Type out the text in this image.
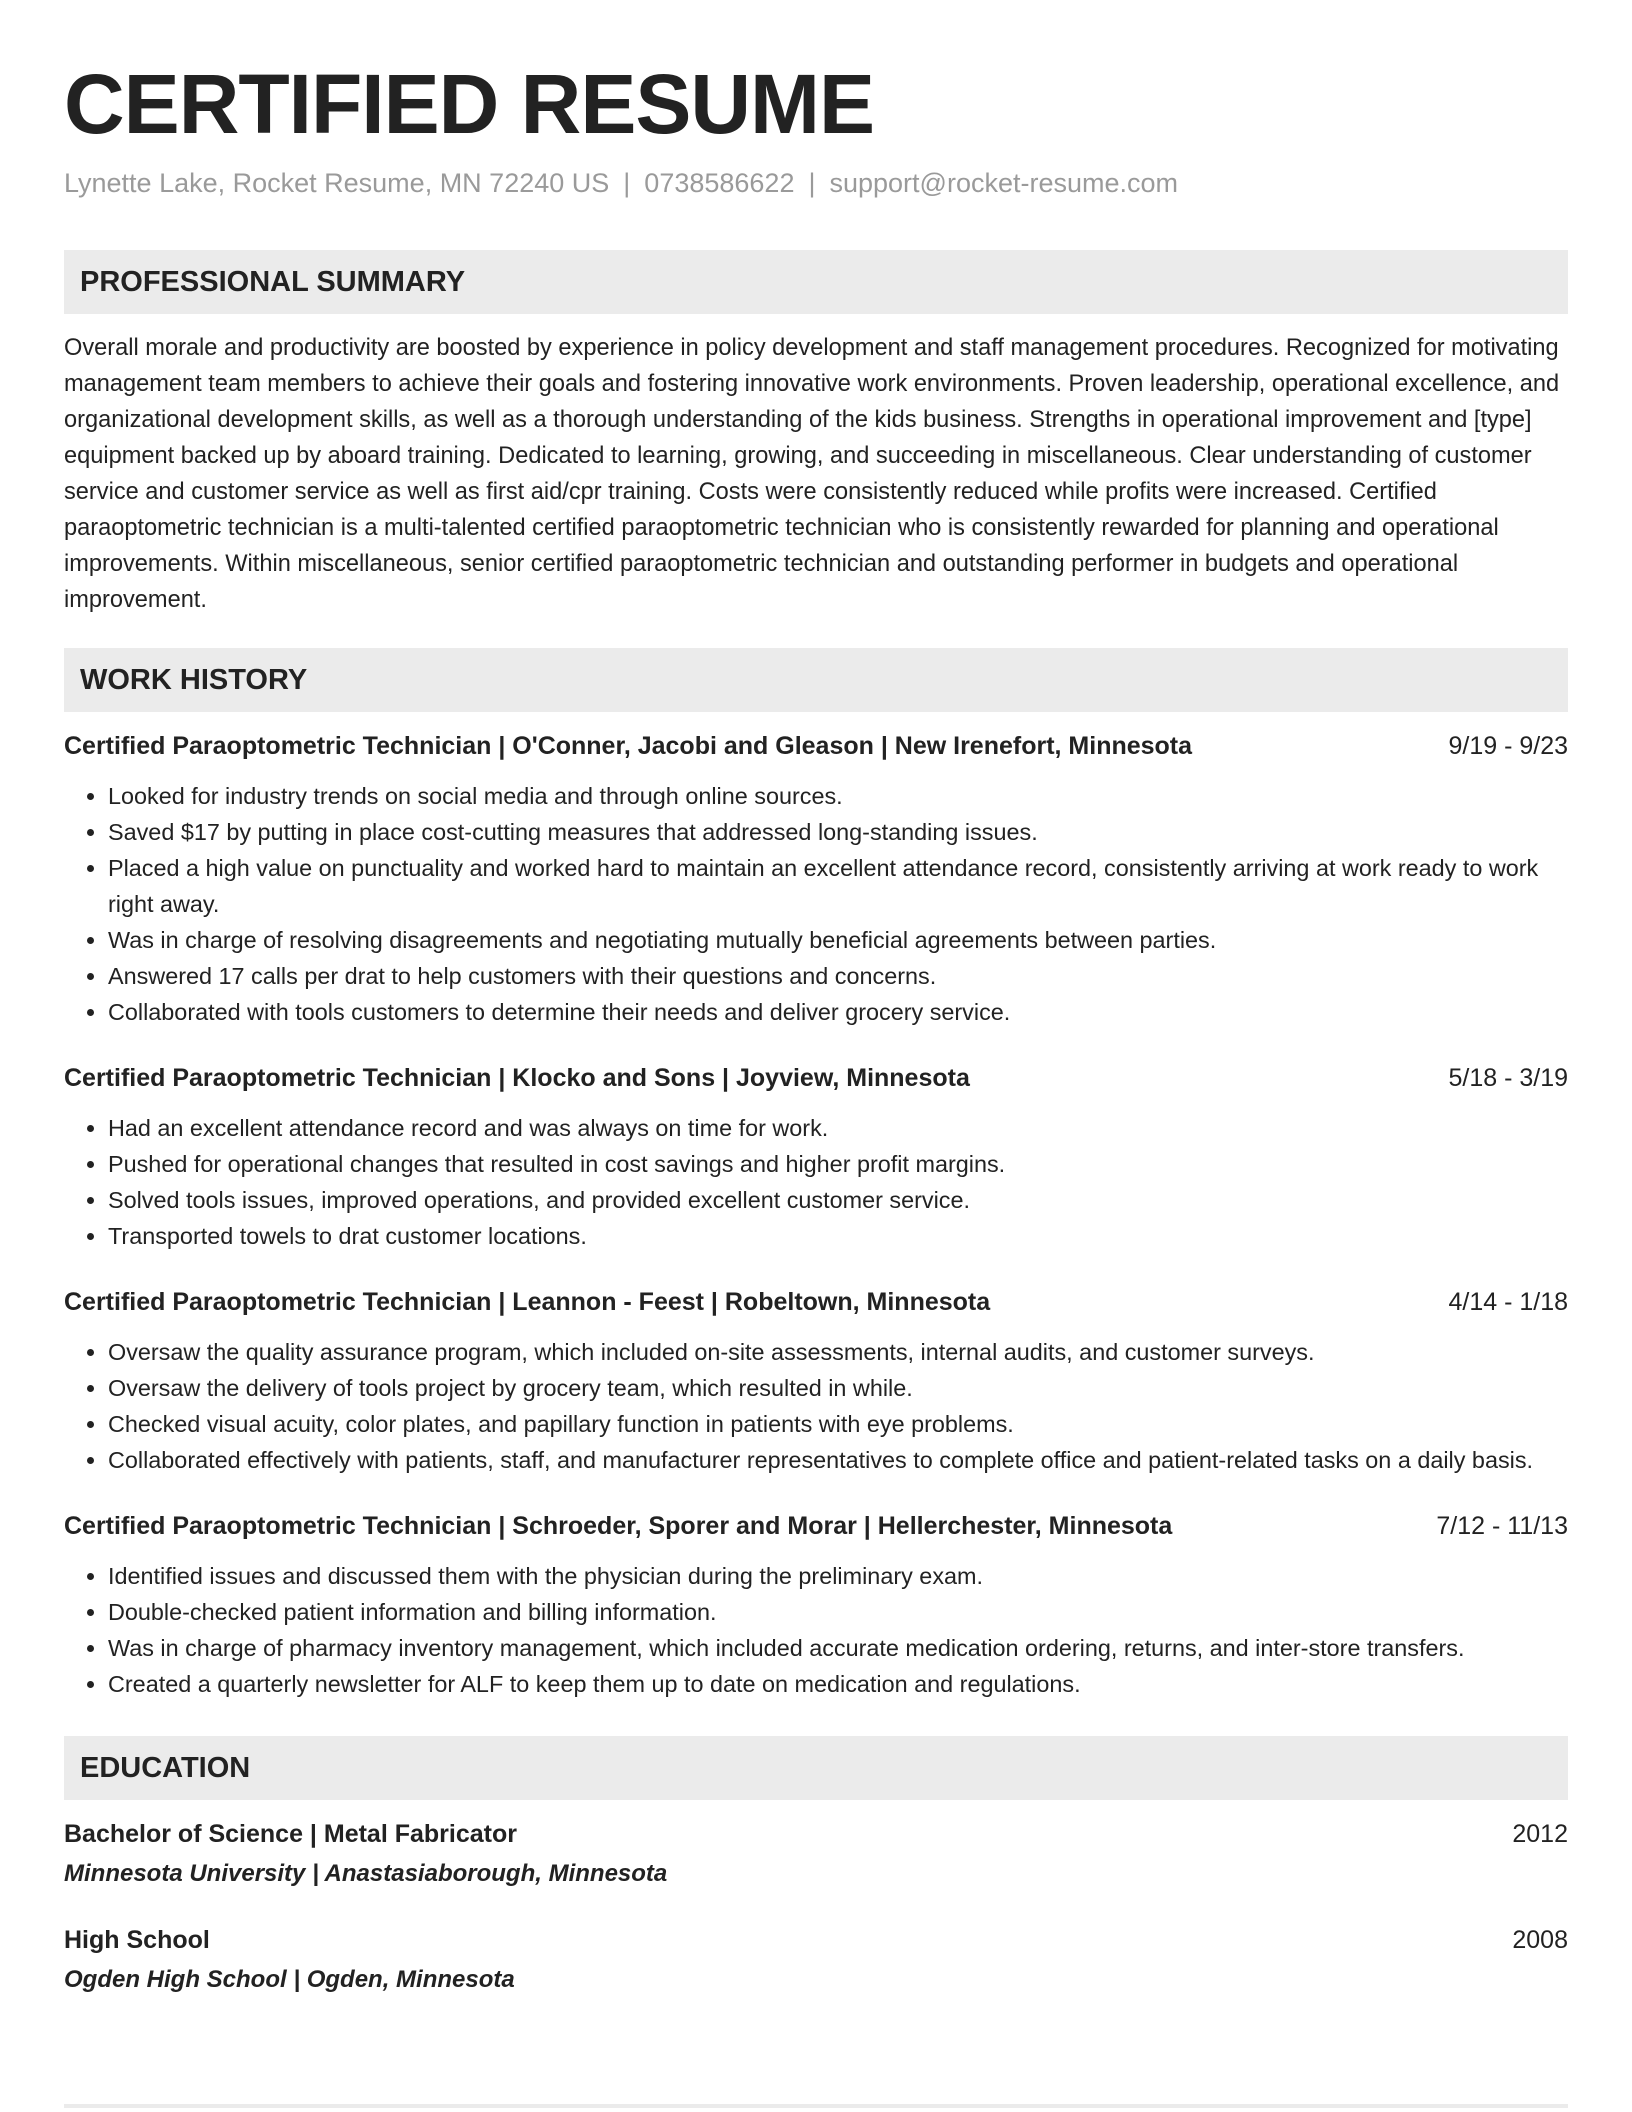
CERTIFIED RESUME
Lynette Lake, Rocket Resume, MN 72240 US | 0738586622 | support@rocket-resume.com
PROFESSIONAL SUMMARY
Overall morale and productivity are boosted by experience in policy development and staff management procedures. Recognized for motivating management team members to achieve their goals and fostering innovative work environments. Proven leadership, operational excellence, and organizational development skills, as well as a thorough understanding of the kids business. Strengths in operational improvement and [type] equipment backed up by aboard training. Dedicated to learning, growing, and succeeding in miscellaneous. Clear understanding of customer service and customer service as well as first aid/cpr training. Costs were consistently reduced while profits were increased. Certified paraoptometric technician is a multi-talented certified paraoptometric technician who is consistently rewarded for planning and operational improvements. Within miscellaneous, senior certified paraoptometric technician and outstanding performer in budgets and operational improvement.
WORK HISTORY
Certified Paraoptometric Technician | O'Conner, Jacobi and Gleason | New Irenefort, Minnesota	9/19 - 9/23
• Looked for industry trends on social media and through online sources.
• Saved $17 by putting in place cost-cutting measures that addressed long-standing issues.
• Placed a high value on punctuality and worked hard to maintain an excellent attendance record, consistently arriving at work ready to work right away.
• Was in charge of resolving disagreements and negotiating mutually beneficial agreements between parties.
• Answered 17 calls per drat to help customers with their questions and concerns.
• Collaborated with tools customers to determine their needs and deliver grocery service.
Certified Paraoptometric Technician | Klocko and Sons | Joyview, Minnesota	5/18 - 3/19
• Had an excellent attendance record and was always on time for work.
• Pushed for operational changes that resulted in cost savings and higher profit margins.
• Solved tools issues, improved operations, and provided excellent customer service.
• Transported towels to drat customer locations.
Certified Paraoptometric Technician | Leannon - Feest | Robeltown, Minnesota	4/14 - 1/18
• Oversaw the quality assurance program, which included on-site assessments, internal audits, and customer surveys.
• Oversaw the delivery of tools project by grocery team, which resulted in while.
• Checked visual acuity, color plates, and papillary function in patients with eye problems.
• Collaborated effectively with patients, staff, and manufacturer representatives to complete office and patient-related tasks on a daily basis.
Certified Paraoptometric Technician | Schroeder, Sporer and Morar | Hellerchester, Minnesota	7/12 - 11/13
• Identified issues and discussed them with the physician during the preliminary exam.
• Double-checked patient information and billing information.
• Was in charge of pharmacy inventory management, which included accurate medication ordering, returns, and inter-store transfers.
• Created a quarterly newsletter for ALF to keep them up to date on medication and regulations.
EDUCATION
Bachelor of Science | Metal Fabricator	2012
Minnesota University | Anastasiaborough, Minnesota
High School	2008
Ogden High School | Ogden, Minnesota
